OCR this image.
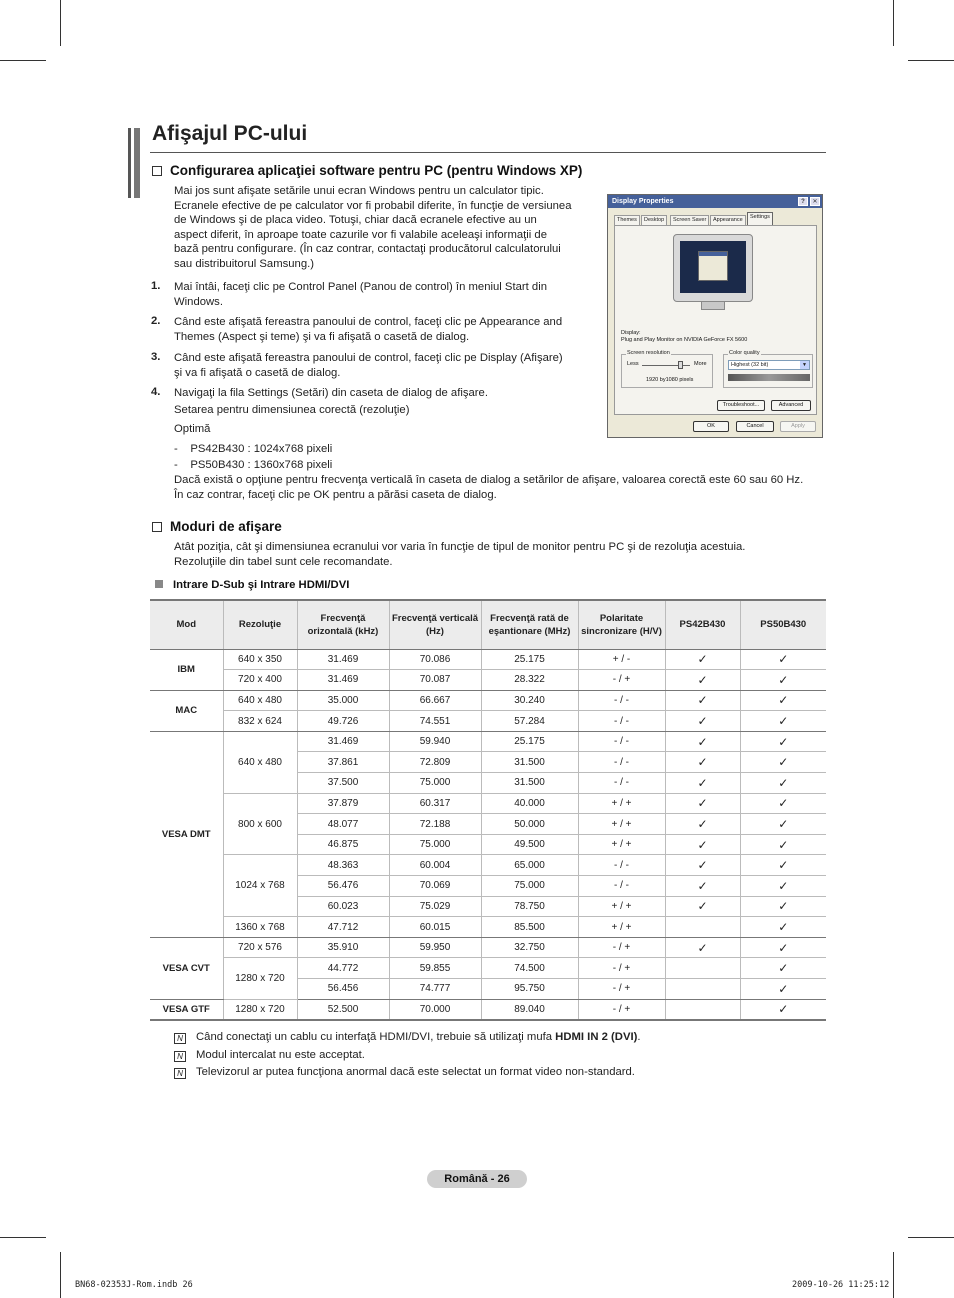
Afişajul PC-ului
Configurarea aplicaţiei software pentru PC (pentru Windows XP)
Mai jos sunt afişate setările unui ecran Windows pentru un calculator tipic.
Ecranele efective de pe calculator vor fi probabil diferite, în funcţie de versiunea
de Windows şi de placa video. Totuşi, chiar dacă ecranele efective au un
aspect diferit, în aproape toate cazurile vor fi valabile aceleaşi informaţii de
bază pentru configurare. (În caz contrar, contactaţi producătorul calculatorului
sau distribuitorul Samsung.)
1. Mai întâi, faceţi clic pe Control Panel (Panou de control) în meniul Start din
Windows.
2. Când este afişată fereastra panoului de control, faceţi clic pe Appearance and
Themes (Aspect şi teme) şi va fi afişată o casetă de dialog.
3. Când este afişată fereastra panoului de control, faceţi clic pe Display (Afişare)
şi va fi afişată o casetă de dialog.
4. Navigaţi la fila Settings (Setări) din caseta de dialog de afişare.
Setarea pentru dimensiunea corectă (rezoluţie)
Optimă
- PS42B430 : 1024x768 pixeli
- PS50B430 : 1360x768 pixeli
Dacă există o opţiune pentru frecvenţa verticală în caseta de dialog a setărilor de afişare, valoarea corectă este 60 sau 60 Hz.
În caz contrar, faceţi clic pe OK pentru a părăsi caseta de dialog.
Display Properties	?	✕
Themes	Desktop	Screen Saver	Appearance	Settings
Display:
Plug and Play Monitor on NVIDIA GeForce FX 5600
Screen resolution
Less	More
1920 by1080 pixels
Color quality
Highest (32 bit)	▼
Troubleshoot...	Advanced
OK	Cancel	Apply
Moduri de afişare
Atât poziţia, cât şi dimensiunea ecranului vor varia în funcţie de tipul de monitor pentru PC şi de rezoluţia acestuia.
Rezoluţiile din tabel sunt cele recomandate.
Intrare D-Sub şi Intrare HDMI/DVI
Mod	Rezoluţie	Frecvenţă orizontală (kHz)	Frecvenţă verticală (Hz)	Frecvenţă rată de eşantionare (MHz)	Polaritate sincronizare (H/V)	PS42B430	PS50B430
IBM	640 x 350	31.469	70.086	25.175	+ / -	✓	✓
	720 x 400	31.469	70.087	28.322	- / +	✓	✓
MAC	640 x 480	35.000	66.667	30.240	- / -	✓	✓
	832 x 624	49.726	74.551	57.284	- / -	✓	✓
VESA DMT	640 x 480	31.469	59.940	25.175	- / -	✓	✓
		37.861	72.809	31.500	- / -	✓	✓
		37.500	75.000	31.500	- / -	✓	✓
	800 x 600	37.879	60.317	40.000	+ / +	✓	✓
		48.077	72.188	50.000	+ / +	✓	✓
		46.875	75.000	49.500	+ / +	✓	✓
	1024 x 768	48.363	60.004	65.000	- / -	✓	✓
		56.476	70.069	75.000	- / -	✓	✓
		60.023	75.029	78.750	+ / +	✓	✓
	1360 x 768	47.712	60.015	85.500	+ / +		✓
VESA CVT	720 x 576	35.910	59.950	32.750	- / +	✓	✓
	1280 x 720	44.772	59.855	74.500	- / +		✓
		56.456	74.777	95.750	- / +		✓
VESA GTF	1280 x 720	52.500	70.000	89.040	- / +		✓
N Când conectaţi un cablu cu interfaţă HDMI/DVI, trebuie să utilizaţi mufa HDMI IN 2 (DVI).
N Modul intercalat nu este acceptat.
N Televizorul ar putea funcţiona anormal dacă este selectat un format video non-standard.
Română - 26
BN68-02353J-Rom.indb 26	2009-10-26 11:25:12
